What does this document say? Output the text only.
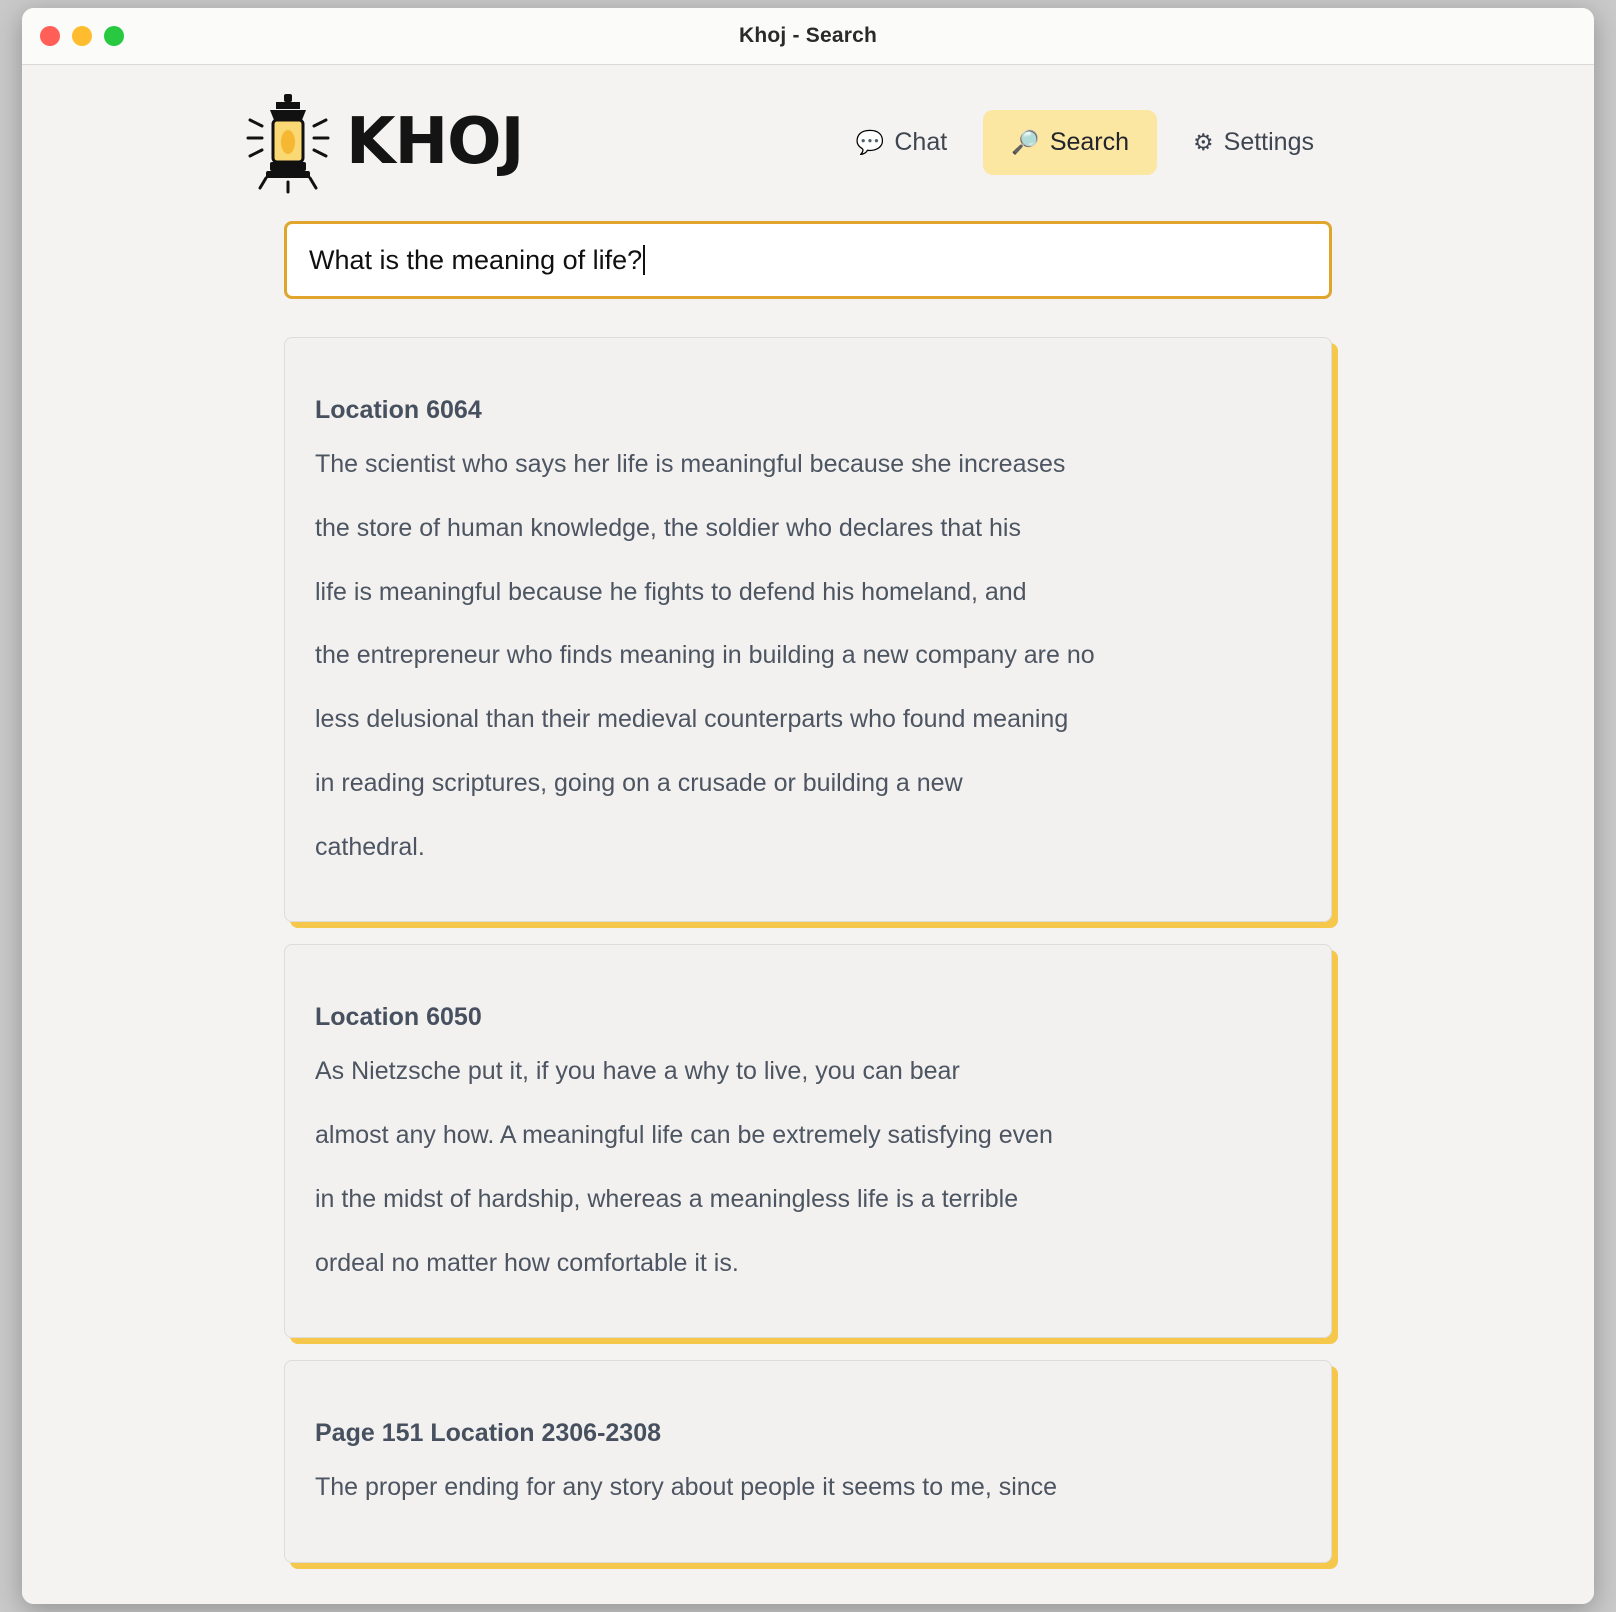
Khoj - Search
KHOJ	💬 Chat	🔎 Search	⚙ Settings
What is the meaning of life?

Location 6064

The scientist who says her life is meaningful because she increases

the store of human knowledge, the soldier who declares that his

life is meaningful because he fights to defend his homeland, and

the entrepreneur who finds meaning in building a new company are no

less delusional than their medieval counterparts who found meaning

in reading scriptures, going on a crusade or building a new

cathedral.

Location 6050

As Nietzsche put it, if you have a why to live, you can bear

almost any how. A meaningful life can be extremely satisfying even

in the midst of hardship, whereas a meaningless life is a terrible

ordeal no matter how comfortable it is.

Page 151 Location 2306-2308

The proper ending for any story about people it seems to me, since
